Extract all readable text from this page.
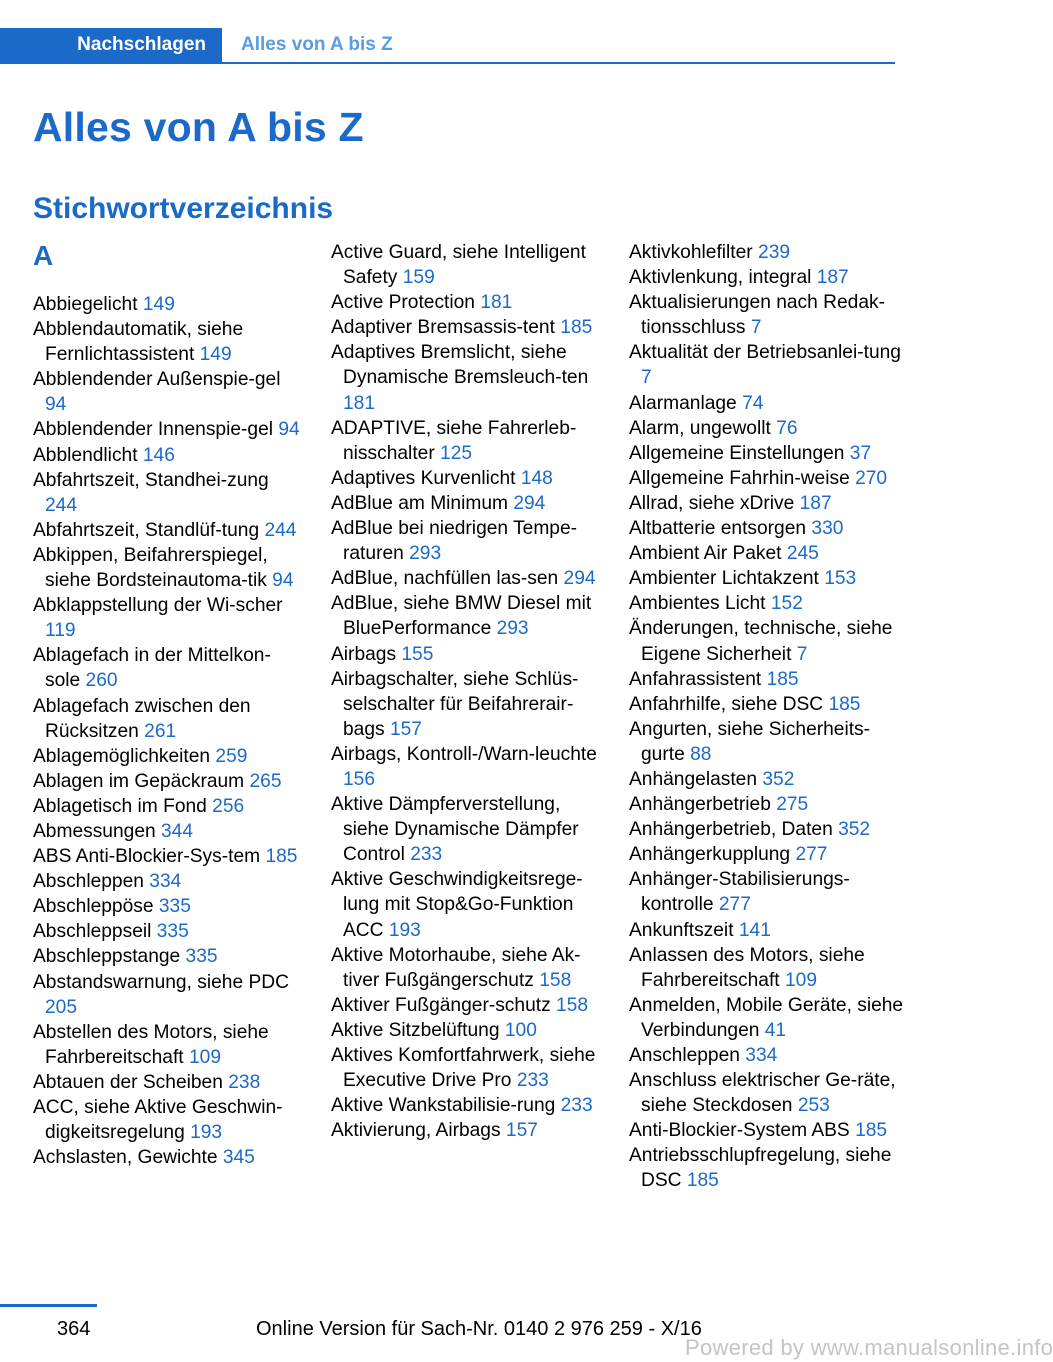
Nachschlagen	Alles von A bis Z
Alles von A bis Z
Stichwortverzeichnis
A
Abbiegelicht 149
Abblendautomatik, siehe Fernlichtassistent 149
Abblendender Außenspie-gel 94
Abblendender Innenspie-gel 94
Abblendlicht 146
Abfahrtszeit, Standhei-zung 244
Abfahrtszeit, Standlüf-tung 244
Abkippen, Beifahrerspiegel, siehe Bordsteinautoma-tik 94
Abklappstellung der Wi-scher 119
Ablagefach in der Mittelkon-sole 260
Ablagefach zwischen den Rücksitzen 261
Ablagemöglichkeiten 259
Ablagen im Gepäckraum 265
Ablagetisch im Fond 256
Abmessungen 344
ABS Anti-Blockier-Sys-tem 185
Abschleppen 334
Abschleppöse 335
Abschleppseil 335
Abschleppstange 335
Abstandswarnung, siehe PDC 205
Abstellen des Motors, siehe Fahrbereitschaft 109
Abtauen der Scheiben 238
ACC, siehe Aktive Geschwin-digkeitsregelung 193
Achslasten, Gewichte 345
Active Guard, siehe Intelligent Safety 159
Active Protection 181
Adaptiver Bremsassis-tent 185
Adaptives Bremslicht, siehe Dynamische Bremsleuch-ten 181
ADAPTIVE, siehe Fahrerleb-nisschalter 125
Adaptives Kurvenlicht 148
AdBlue am Minimum 294
AdBlue bei niedrigen Tempe-raturen 293
AdBlue, nachfüllen las-sen 294
AdBlue, siehe BMW Diesel mit BluePerformance 293
Airbags 155
Airbagschalter, siehe Schlüs-selschalter für Beifahrerair-bags 157
Airbags, Kontroll-/Warn-leuchte 156
Aktive Dämpferverstellung, siehe Dynamische Dämpfer Control 233
Aktive Geschwindigkeitsrege-lung mit Stop&Go-Funktion ACC 193
Aktive Motorhaube, siehe Ak-tiver Fußgängerschutz 158
Aktiver Fußgänger-schutz 158
Aktive Sitzbelüftung 100
Aktives Komfortfahrwerk, siehe Executive Drive Pro 233
Aktive Wankstabilisie-rung 233
Aktivierung, Airbags 157
Aktivkohlefilter 239
Aktivlenkung, integral 187
Aktualisierungen nach Redak-tionsschluss 7
Aktualität der Betriebsanlei-tung 7
Alarmanlage 74
Alarm, ungewollt 76
Allgemeine Einstellungen 37
Allgemeine Fahrhin-weise 270
Allrad, siehe xDrive 187
Altbatterie entsorgen 330
Ambient Air Paket 245
Ambienter Lichtakzent 153
Ambientes Licht 152
Änderungen, technische, siehe Eigene Sicherheit 7
Anfahrassistent 185
Anfahrhilfe, siehe DSC 185
Angurten, siehe Sicherheits-gurte 88
Anhängelasten 352
Anhängerbetrieb 275
Anhängerbetrieb, Daten 352
Anhängerkupplung 277
Anhänger-Stabilisierungs-kontrolle 277
Ankunftszeit 141
Anlassen des Motors, siehe Fahrbereitschaft 109
Anmelden, Mobile Geräte, siehe Verbindungen 41
Anschleppen 334
Anschluss elektrischer Ge-räte, siehe Steckdosen 253
Anti-Blockier-System ABS 185
Antriebsschlupfregelung, siehe DSC 185
364	Online Version für Sach-Nr. 0140 2 976 259 - X/16
Powered by www.manualsonline.info
